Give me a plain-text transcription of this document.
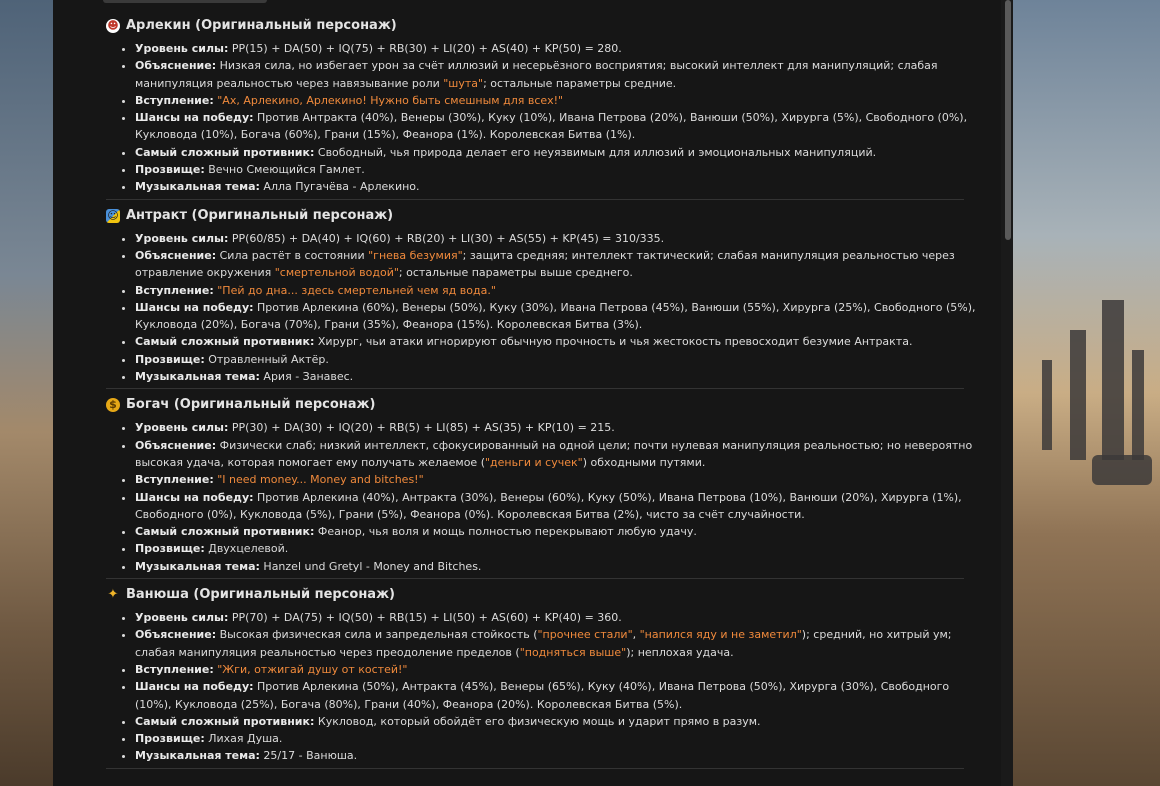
☻ Арлекин (Оригинальный персонаж)
• Уровень силы: PP(15) + DA(50) + IQ(75) + RB(30) + LI(20) + AS(40) + KP(50) = 280.
• Объяснение: Низкая сила, но избегает урон за счёт иллюзий и несерьёзного восприятия; высокий интеллект для манипуляций; слабая манипуляция реальностью через навязывание роли "шута"; остальные параметры средние.
• Вступление: "Ах, Арлекино, Арлекино! Нужно быть смешным для всех!"
• Шансы на победу: Против Антракта (40%), Венеры (30%), Куку (10%), Ивана Петрова (20%), Ванюши (50%), Хирурга (5%), Свободного (0%), Кукловода (10%), Богача (60%), Грани (15%), Феанора (1%). Королевская Битва (1%).
• Самый сложный противник: Свободный, чья природа делает его неуязвимым для иллюзий и эмоциональных манипуляций.
• Прозвище: Вечно Смеющийся Гамлет.
• Музыкальная тема: Алла Пугачёва - Арлекино.
☺ Антракт (Оригинальный персонаж)
• Уровень силы: PP(60/85) + DA(40) + IQ(60) + RB(20) + LI(30) + AS(55) + KP(45) = 310/335.
• Объяснение: Сила растёт в состоянии "гнева безумия"; защита средняя; интеллект тактический; слабая манипуляция реальностью через отравление окружения "смертельной водой"; остальные параметры выше среднего.
• Вступление: "Пей до дна... здесь смертельней чем яд вода."
• Шансы на победу: Против Арлекина (60%), Венеры (50%), Куку (30%), Ивана Петрова (45%), Ванюши (55%), Хирурга (25%), Свободного (5%), Кукловода (20%), Богача (70%), Грани (35%), Феанора (15%). Королевская Битва (3%).
• Самый сложный противник: Хирург, чьи атаки игнорируют обычную прочность и чья жестокость превосходит безумие Антракта.
• Прозвище: Отравленный Актёр.
• Музыкальная тема: Ария - Занавес.
$ Богач (Оригинальный персонаж)
• Уровень силы: PP(30) + DA(30) + IQ(20) + RB(5) + LI(85) + AS(35) + KP(10) = 215.
• Объяснение: Физически слаб; низкий интеллект, сфокусированный на одной цели; почти нулевая манипуляция реальностью; но невероятно высокая удача, которая помогает ему получать желаемое ("деньги и сучек") обходными путями.
• Вступление: "I need money... Money and bitches!"
• Шансы на победу: Против Арлекина (40%), Антракта (30%), Венеры (60%), Куку (50%), Ивана Петрова (10%), Ванюши (20%), Хирурга (1%), Свободного (0%), Кукловода (5%), Грани (5%), Феанора (0%). Королевская Битва (2%), чисто за счёт случайности.
• Самый сложный противник: Феанор, чья воля и мощь полностью перекрывают любую удачу.
• Прозвище: Двухцелевой.
• Музыкальная тема: Hanzel und Gretyl - Money and Bitches.
✦ Ванюша (Оригинальный персонаж)
• Уровень силы: PP(70) + DA(75) + IQ(50) + RB(15) + LI(50) + AS(60) + KP(40) = 360.
• Объяснение: Высокая физическая сила и запредельная стойкость ("прочнее стали", "напился яду и не заметил"); средний, но хитрый ум; слабая манипуляция реальностью через преодоление пределов ("подняться выше"); неплохая удача.
• Вступление: "Жги, отжигай душу от костей!"
• Шансы на победу: Против Арлекина (50%), Антракта (45%), Венеры (65%), Куку (40%), Ивана Петрова (50%), Хирурга (30%), Свободного (10%), Кукловода (25%), Богача (80%), Грани (40%), Феанора (20%). Королевская Битва (5%).
• Самый сложный противник: Кукловод, который обойдёт его физическую мощь и ударит прямо в разум.
• Прозвище: Лихая Душа.
• Музыкальная тема: 25/17 - Ванюша.
